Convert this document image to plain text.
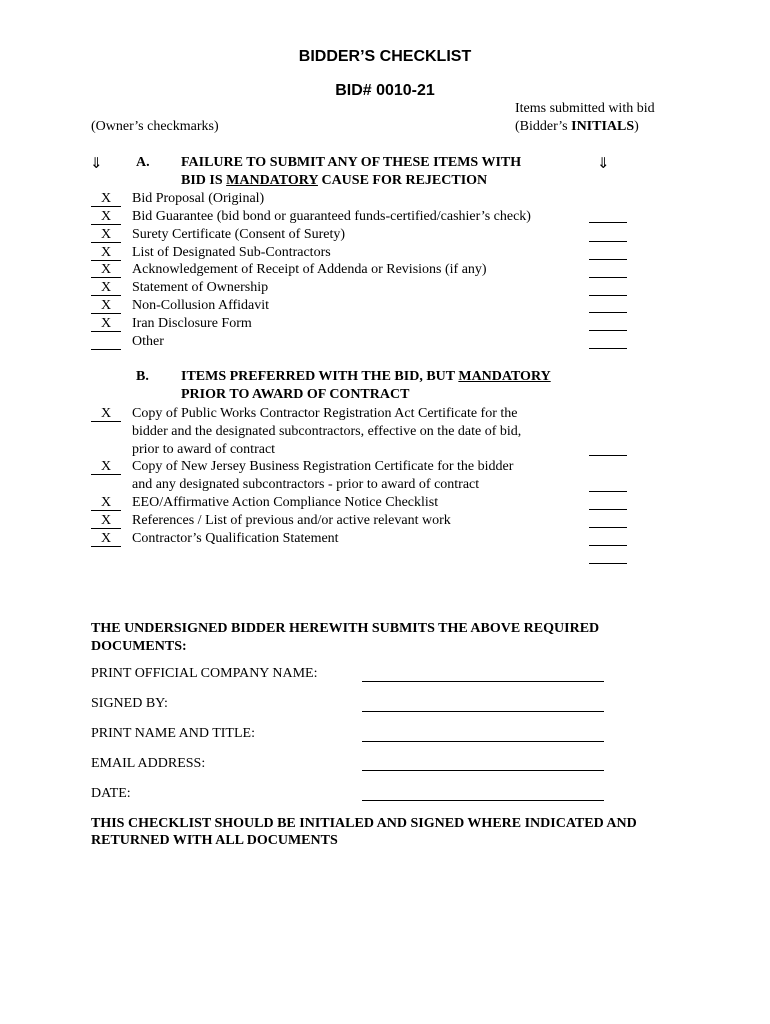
BIDDER’S CHECKLIST
BID# 0010-21
Items submitted with bid
(Bidder’s INITIALS)
(Owner’s checkmarks)
⇓	⇓
A. FAILURE TO SUBMIT ANY OF THESE ITEMS WITH
BID IS MANDATORY CAUSE FOR REJECTION
X	Bid Proposal (Original)
X	Bid Guarantee (bid bond or guaranteed funds-certified/cashier’s check)
X	Surety Certificate (Consent of Surety)
X	List of Designated Sub-Contractors
X	Acknowledgement of Receipt of Addenda or Revisions (if any)
X	Statement of Ownership
X	Non-Collusion Affidavit
X	Iran Disclosure Form
Other
B. ITEMS PREFERRED WITH THE BID, BUT MANDATORY
PRIOR TO AWARD OF CONTRACT
X	Copy of Public Works Contractor Registration Act Certificate for the
bidder and the designated subcontractors, effective on the date of bid,
prior to award of contract
X	Copy of New Jersey Business Registration Certificate for the bidder
and any designated subcontractors - prior to award of contract
X	EEO/Affirmative Action Compliance Notice Checklist
X	References / List of previous and/or active relevant work
X	Contractor’s Qualification Statement
THE UNDERSIGNED BIDDER HEREWITH SUBMITS THE ABOVE REQUIRED
DOCUMENTS:
PRINT OFFICIAL COMPANY NAME:
SIGNED BY:
PRINT NAME AND TITLE:
EMAIL ADDRESS:
DATE:
THIS CHECKLIST SHOULD BE INITIALED AND SIGNED WHERE INDICATED AND
RETURNED WITH ALL DOCUMENTS
